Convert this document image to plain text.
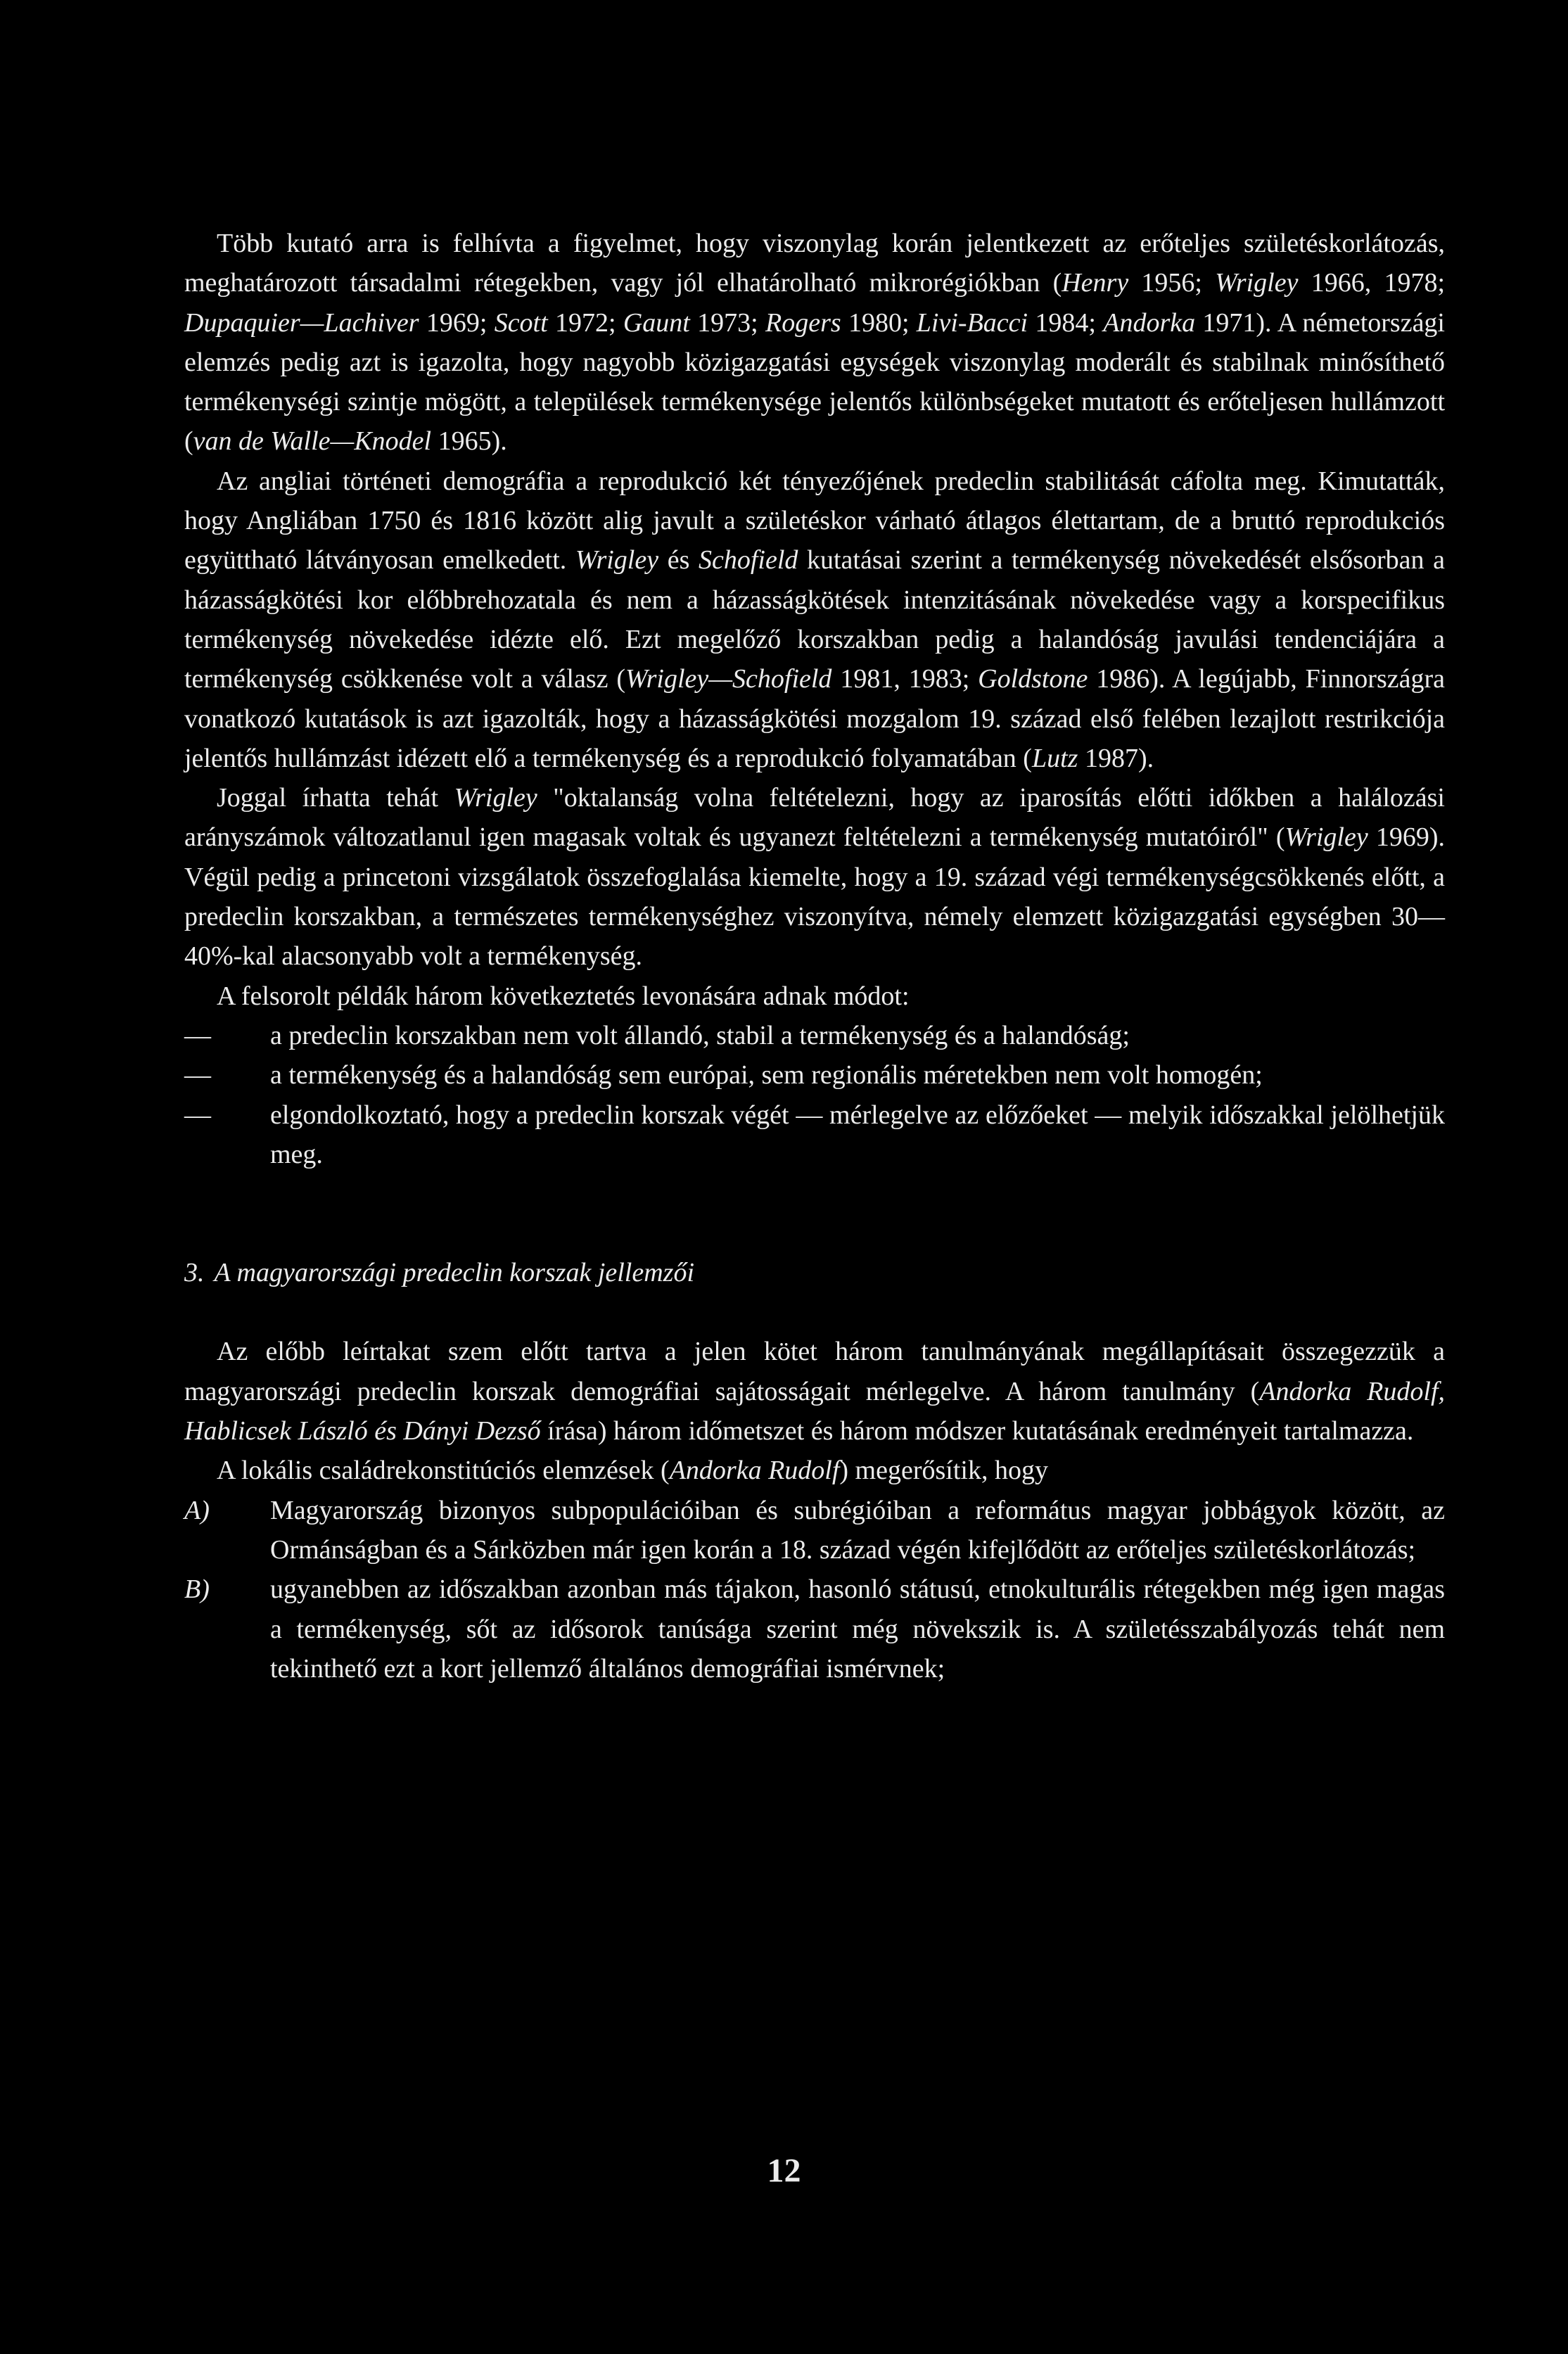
Több kutató arra is felhívta a figyelmet, hogy viszonylag korán jelentkezett az erőteljes születéskorlátozás, meghatározott társadalmi rétegekben, vagy jól elhatárolható mikrorégiókban (Henry 1956; Wrigley 1966, 1978; Dupaquier—Lachiver 1969; Scott 1972; Gaunt 1973; Rogers 1980; Livi-Bacci 1984; Andorka 1971). A németországi elemzés pedig azt is igazolta, hogy nagyobb közigazgatási egységek viszonylag moderált és stabilnak minősíthető termékenységi szintje mögött, a települések termékenysége jelentős különbségeket mutatott és erőteljesen hullámzott (van de Walle—Knodel 1965).

Az angliai történeti demográfia a reprodukció két tényezőjének predeclin stabilitását cáfolta meg. Kimutatták, hogy Angliában 1750 és 1816 között alig javult a születéskor várható átlagos élettartam, de a bruttó reprodukciós együttható látványosan emelkedett. Wrigley és Schofield kutatásai szerint a termékenység növekedését elsősorban a házasságkötési kor előbbrehozatala és nem a házasságkötések intenzitásának növekedése vagy a korspecifikus termékenység növekedése idézte elő. Ezt megelőző korszakban pedig a halandóság javulási tendenciájára a termékenység csökkenése volt a válasz (Wrigley—Schofield 1981, 1983; Goldstone 1986). A legújabb, Finnországra vonatkozó kutatások is azt igazolták, hogy a házasságkötési mozgalom 19. század első felében lezajlott restrikciója jelentős hullámzást idézett elő a termékenység és a reprodukció folyamatában (Lutz 1987).

Joggal írhatta tehát Wrigley "oktalanság volna feltételezni, hogy az iparosítás előtti időkben a halálozási arányszámok változatlanul igen magasak voltak és ugyanezt feltételezni a termékenység mutatóiról" (Wrigley 1969). Végül pedig a princetoni vizsgálatok összefoglalása kiemelte, hogy a 19. század végi termékenységcsökkenés előtt, a predeclin korszakban, a természetes termékenységhez viszonyítva, némely elemzett közigazgatási egységben 30—40%-kal alacsonyabb volt a termékenység.

A felsorolt példák három következtetés levonására adnak módot:

— a predeclin korszakban nem volt állandó, stabil a termékenység és a halandóság;
— a termékenység és a halandóság sem európai, sem regionális méretekben nem volt homogén;
— elgondolkoztató, hogy a predeclin korszak végét — mérlegelve az előzőeket — melyik időszakkal jelölhetjük meg.

3. A magyarországi predeclin korszak jellemzői

Az előbb leírtakat szem előtt tartva a jelen kötet három tanulmányának megállapításait összegezzük a magyarországi predeclin korszak demográfiai sajátosságait mérlegelve. A három tanulmány (Andorka Rudolf, Hablicsek László és Dányi Dezső írása) három időmetszet és három módszer kutatásának eredményeit tartalmazza.

A lokális családrekonstitúciós elemzések (Andorka Rudolf) megerősítik, hogy

A) Magyarország bizonyos subpopulációiban és subrégióiban a református magyar jobbágyok között, az Ormánságban és a Sárközben már igen korán a 18. század végén kifejlődött az erőteljes születéskorlátozás;
B) ugyanebben az időszakban azonban más tájakon, hasonló státusú, etnokulturális rétegekben még igen magas a termékenység, sőt az idősorok tanúsága szerint még növekszik is. A születésszabályozás tehát nem tekinthető ezt a kort jellemző általános demográfiai ismérvnek;
12
